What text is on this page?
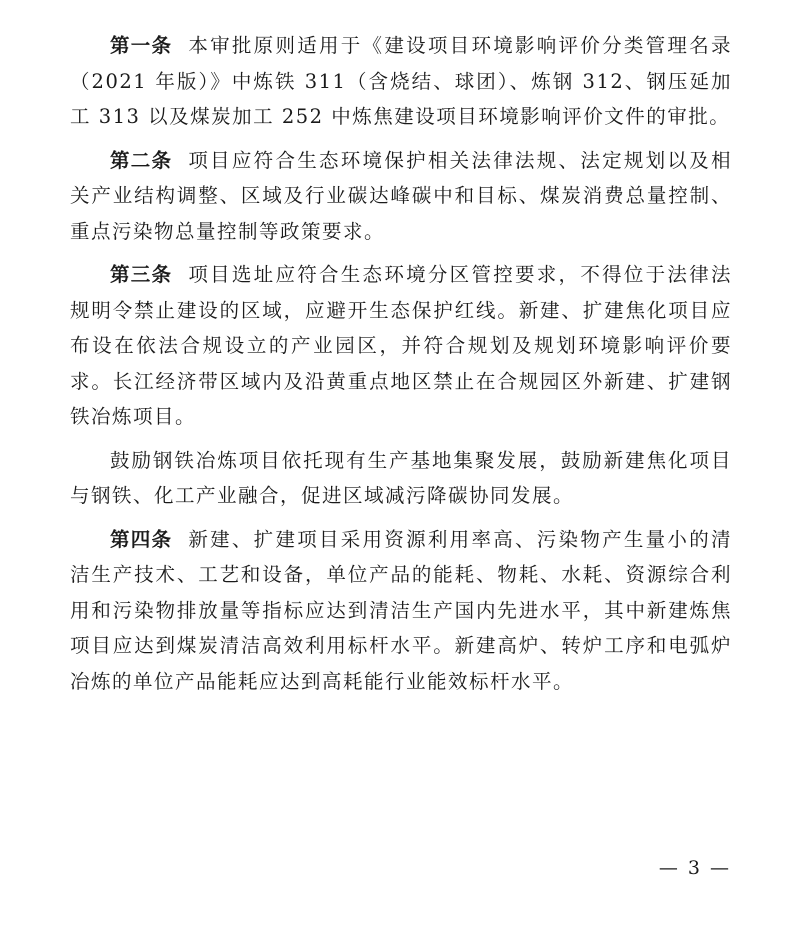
第一条 本审批原则适用于《建设项目环境影响评价分类管理名录（2021 年版）》中炼铁 311（含烧结、球团）、炼钢 312、钢压延加工 313 以及煤炭加工 252 中炼焦建设项目环境影响评价文件的审批。

第二条 项目应符合生态环境保护相关法律法规、法定规划以及相关产业结构调整、区域及行业碳达峰碳中和目标、煤炭消费总量控制、重点污染物总量控制等政策要求。

第三条 项目选址应符合生态环境分区管控要求，不得位于法律法规明令禁止建设的区域，应避开生态保护红线。新建、扩建焦化项目应布设在依法合规设立的产业园区，并符合规划及规划环境影响评价要求。长江经济带区域内及沿黄重点地区禁止在合规园区外新建、扩建钢铁冶炼项目。

鼓励钢铁冶炼项目依托现有生产基地集聚发展，鼓励新建焦化项目与钢铁、化工产业融合，促进区域减污降碳协同发展。

第四条 新建、扩建项目采用资源利用率高、污染物产生量小的清洁生产技术、工艺和设备，单位产品的能耗、物耗、水耗、资源综合利用和污染物排放量等指标应达到清洁生产国内先进水平，其中新建炼焦项目应达到煤炭清洁高效利用标杆水平。新建高炉、转炉工序和电弧炉冶炼的单位产品能耗应达到高耗能行业能效标杆水平。

— 3 —
